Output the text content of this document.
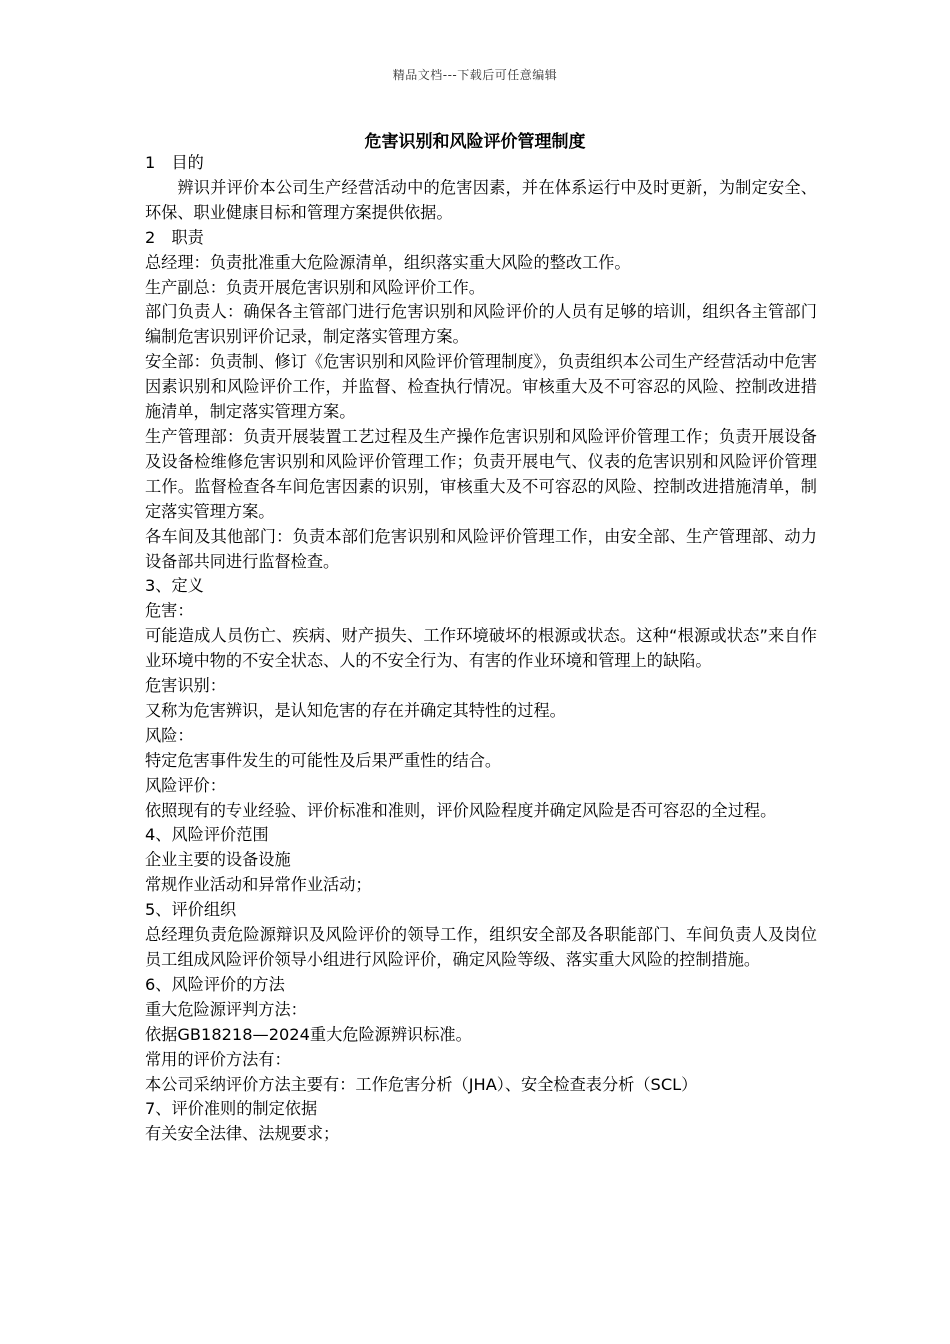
精品文档---下载后可任意编辑
危害识别和风险评价管理制度

1　目的

辨识并评价本公司生产经营活动中的危害因素，并在体系运行中及时更新，为制定安全、环保、职业健康目标和管理方案提供依据。

2　职责

总经理：负责批准重大危险源清单，组织落实重大风险的整改工作。

生产副总：负责开展危害识别和风险评价工作。

部门负责人：确保各主管部门进行危害识别和风险评价的人员有足够的培训，组织各主管部门编制危害识别评价记录，制定落实管理方案。

安全部：负责制、修订《危害识别和风险评价管理制度》，负责组织本公司生产经营活动中危害因素识别和风险评价工作，并监督、检查执行情况。审核重大及不可容忍的风险、控制改进措施清单，制定落实管理方案。

生产管理部：负责开展装置工艺过程及生产操作危害识别和风险评价管理工作；负责开展设备及设备检维修危害识别和风险评价管理工作；负责开展电气、仪表的危害识别和风险评价管理工作。监督检查各车间危害因素的识别，审核重大及不可容忍的风险、控制改进措施清单，制定落实管理方案。

各车间及其他部门：负责本部们危害识别和风险评价管理工作，由安全部、生产管理部、动力设备部共同进行监督检查。

3、定义

危害：

可能造成人员伤亡、疾病、财产损失、工作环境破坏的根源或状态。这种“根源或状态”来自作业环境中物的不安全状态、人的不安全行为、有害的作业环境和管理上的缺陷。

危害识别：

又称为危害辨识，是认知危害的存在并确定其特性的过程。

风险：

特定危害事件发生的可能性及后果严重性的结合。

风险评价：

依照现有的专业经验、评价标准和准则，评价风险程度并确定风险是否可容忍的全过程。

4、风险评价范围

企业主要的设备设施

常规作业活动和异常作业活动；

5、评价组织

总经理负责危险源辩识及风险评价的领导工作，组织安全部及各职能部门、车间负责人及岗位员工组成风险评价领导小组进行风险评价，确定风险等级、落实重大风险的控制措施。

6、风险评价的方法

重大危险源评判方法：

依据GB18218—2024重大危险源辨识标准。

常用的评价方法有：

本公司采纳评价方法主要有：工作危害分析（JHA）、安全检查表分析（SCL）

7、评价准则的制定依据

有关安全法律、法规要求；
